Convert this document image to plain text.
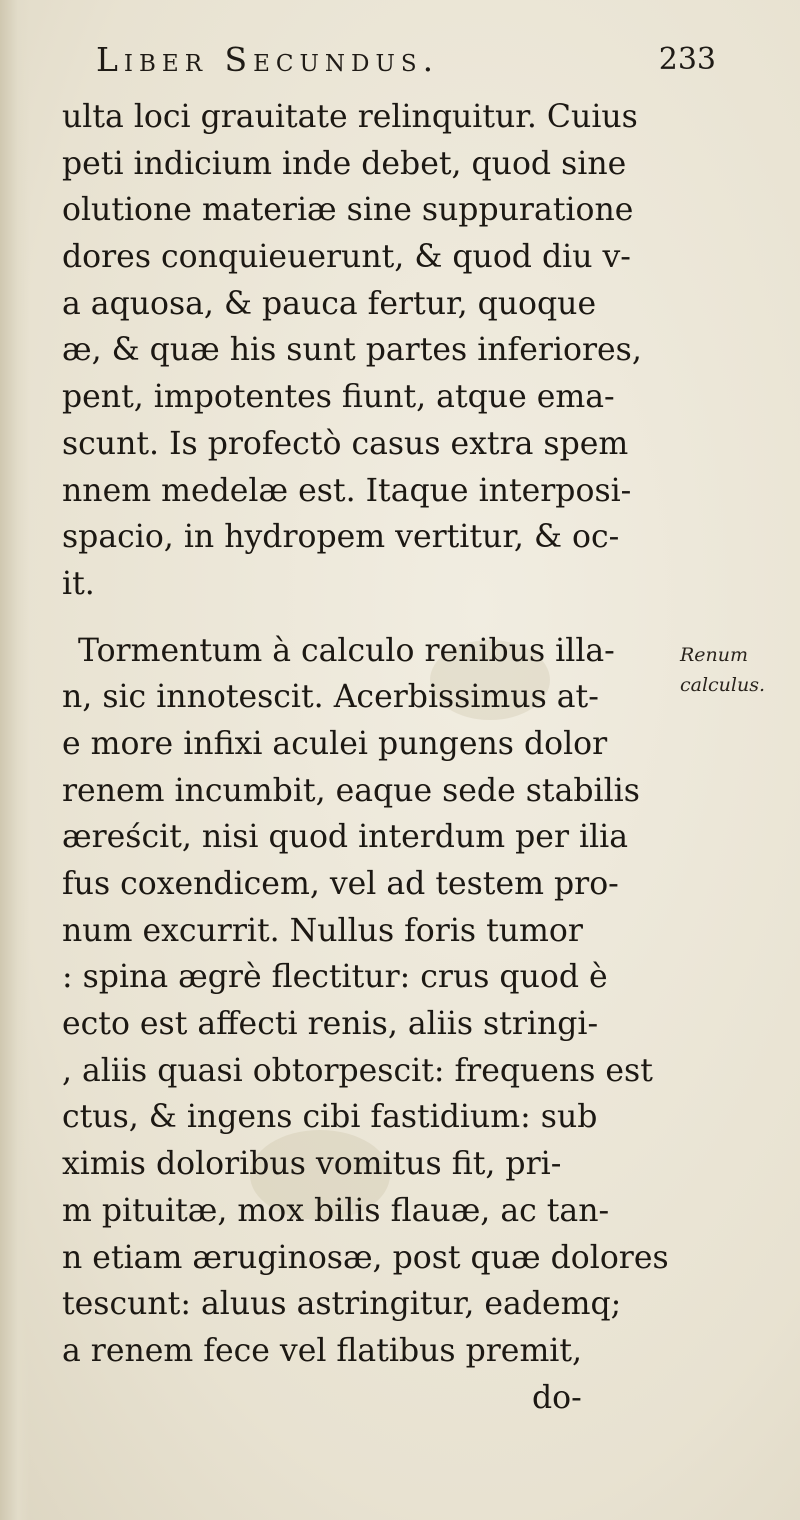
Liber Secundus.	233
ulta loci grauitate relinquitur. Cuius
peti indicium inde debet, quod sine
olutione materiæ sine suppuratione
dores conquieuerunt, & quod diu v-
a aquosa, & pauca fertur, quoque
æ, & quæ his sunt partes inferiores,
pent, impotentes fiunt, atque ema-
scunt. Is profectò casus extra spem
nnem medelæ est. Itaque interposi-
spacio, in hydropem vertitur, & oc-
it.
Tormentum à calculo renibus illa-
n, sic innotescit. Acerbissimus at-
e more infixi aculei pungens dolor
renem incumbit, eaque sede stabilis
æreścit, nisi quod interdum per ilia
fus coxendicem, vel ad testem pro-
num excurrit. Nullus foris tumor
: spina ægrè flectitur: crus quod è
ecto est affecti renis, aliis stringi-
, aliis quasi obtorpescit: frequens est
ctus, & ingens cibi fastidium: sub
ximis doloribus vomitus fit, pri-
m pituitæ, mox bilis flauæ, ac tan-
n etiam æruginosæ, post quæ dolores
tescunt: aluus astringitur, eademq;
a renem fece vel flatibus premit,
do-
Renum
calculus.
